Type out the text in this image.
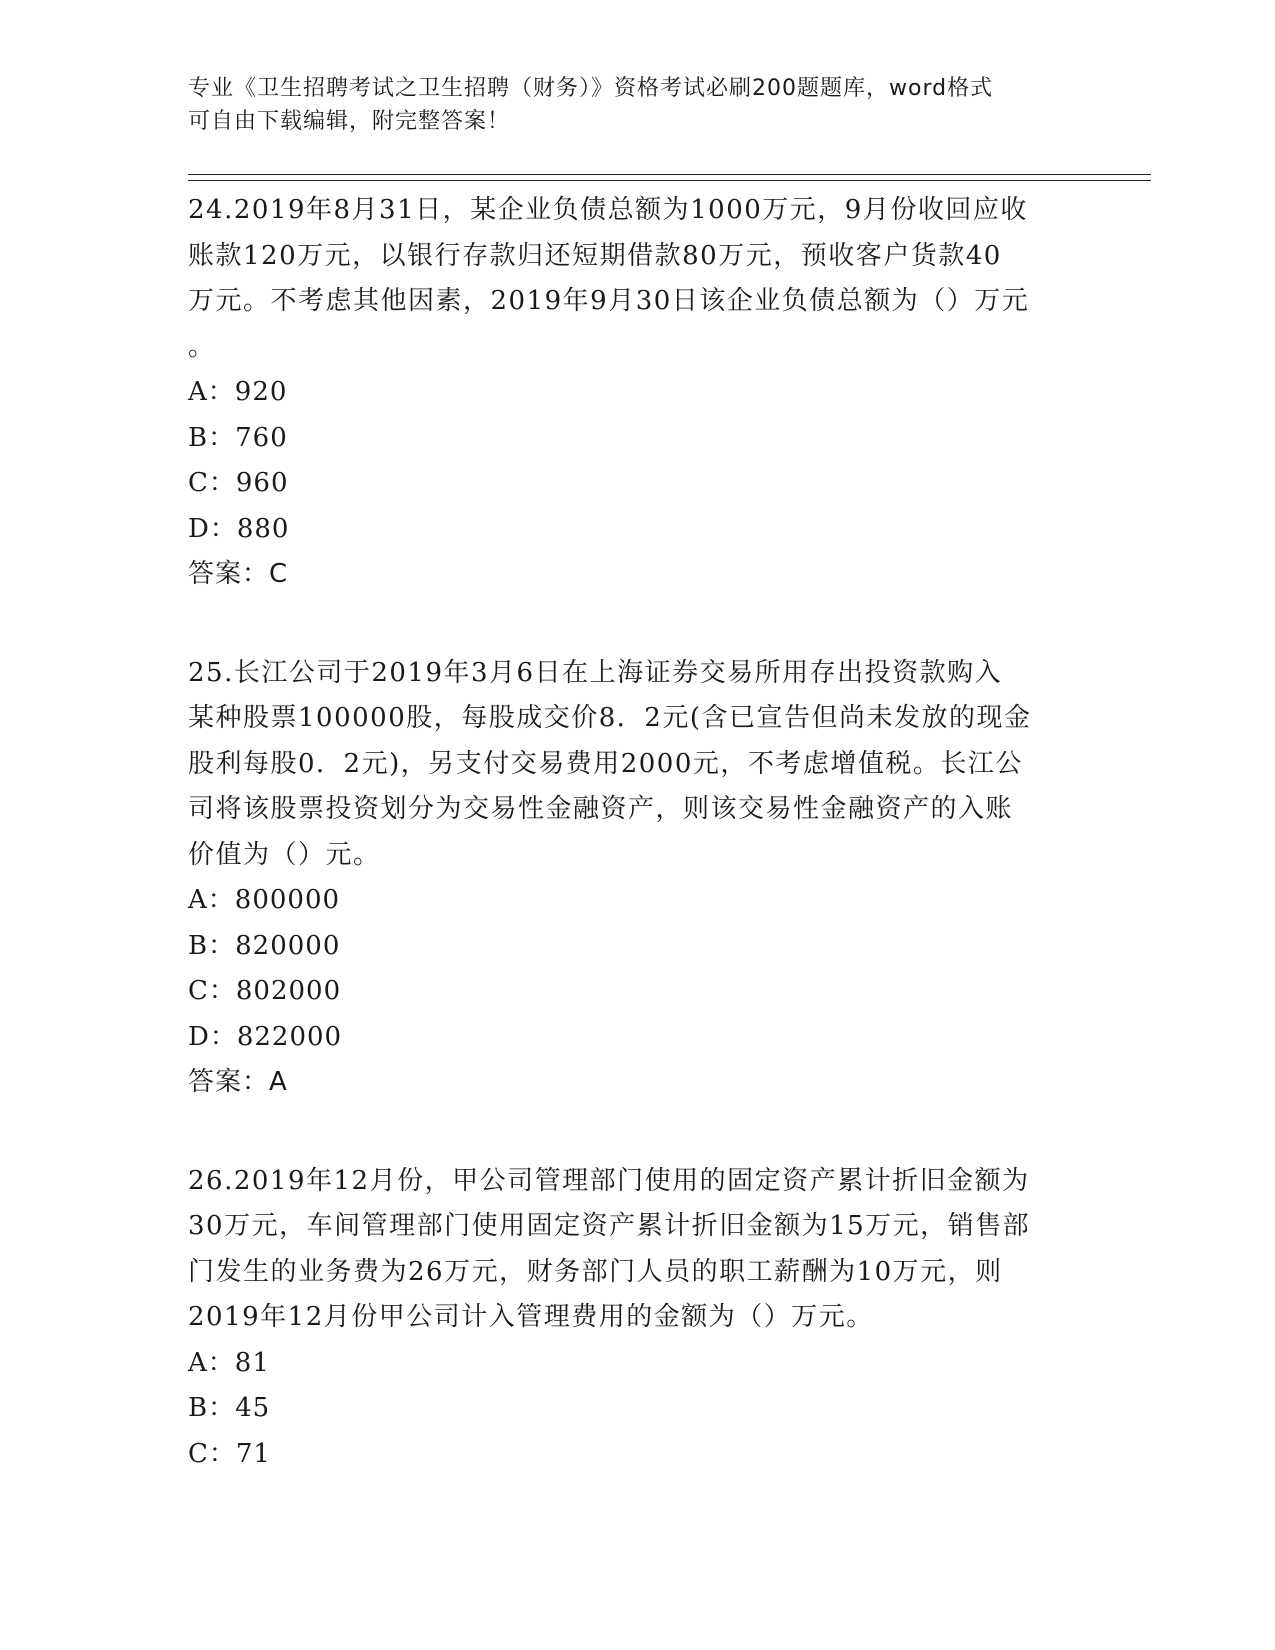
专业《卫生招聘考试之卫生招聘（财务）》资格考试必刷200题题库，word格式
可自由下载编辑，附完整答案！

24.2019年8月31日，某企业负债总额为1000万元，9月份收回应收
账款120万元，以银行存款归还短期借款80万元，预收客户货款40
万元。不考虑其他因素，2019年9月30日该企业负债总额为（）万元
。

A：920
B：760
C：960
D：880
答案：C

25.长江公司于2019年3月6日在上海证券交易所用存出投资款购入
某种股票100000股，每股成交价8．2元(含已宣告但尚未发放的现金
股利每股0．2元)，另支付交易费用2000元，不考虑增值税。长江公
司将该股票投资划分为交易性金融资产，则该交易性金融资产的入账
价值为（）元。

A：800000
B：820000
C：802000
D：822000
答案：A

26.2019年12月份，甲公司管理部门使用的固定资产累计折旧金额为
30万元，车间管理部门使用固定资产累计折旧金额为15万元，销售部
门发生的业务费为26万元，财务部门人员的职工薪酬为10万元，则
2019年12月份甲公司计入管理费用的金额为（）万元。

A：81
B：45
C：71
